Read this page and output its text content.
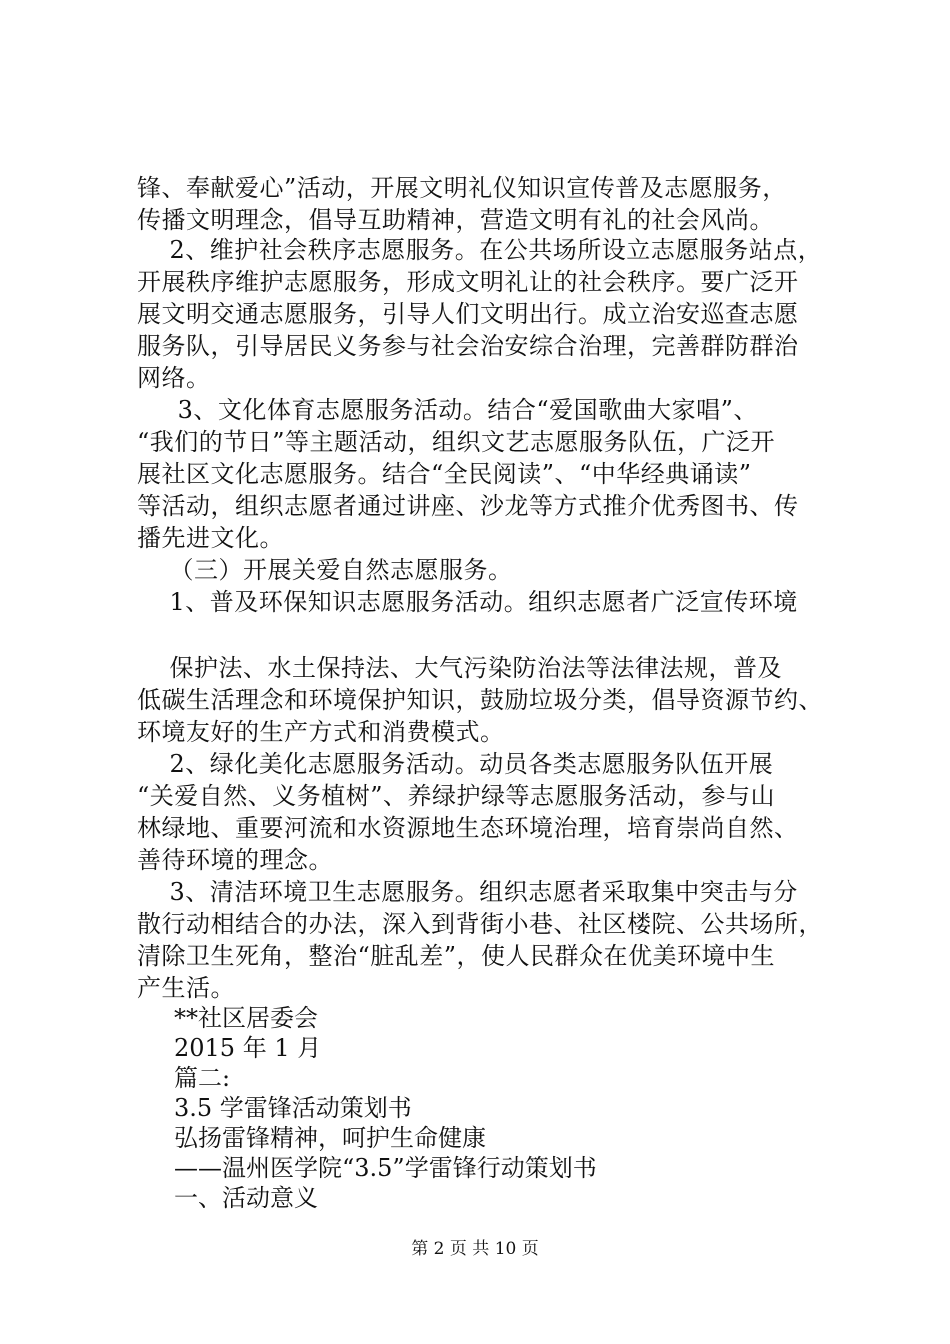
锋、奉献爱心”活动，开展文明礼仪知识宣传普及志愿服务，
传播文明理念，倡导互助精神，营造文明有礼的社会风尚。
2、维护社会秩序志愿服务。在公共场所设立志愿服务站点，
开展秩序维护志愿服务，形成文明礼让的社会秩序。要广泛开
展文明交通志愿服务，引导人们文明出行。成立治安巡查志愿
服务队，引导居民义务参与社会治安综合治理，完善群防群治
网络。
3、文化体育志愿服务活动。结合“爱国歌曲大家唱”、
“我们的节日”等主题活动，组织文艺志愿服务队伍，广泛开
展社区文化志愿服务。结合“全民阅读”、“中华经典诵读”
等活动，组织志愿者通过讲座、沙龙等方式推介优秀图书、传
播先进文化。
（三）开展关爱自然志愿服务。
1、普及环保知识志愿服务活动。组织志愿者广泛宣传环境
保护法、水土保持法、大气污染防治法等法律法规，普及
低碳生活理念和环境保护知识，鼓励垃圾分类，倡导资源节约、
环境友好的生产方式和消费模式。
2、绿化美化志愿服务活动。动员各类志愿服务队伍开展
“关爱自然、义务植树”、养绿护绿等志愿服务活动，参与山
林绿地、重要河流和水资源地生态环境治理，培育崇尚自然、
善待环境的理念。
3、清洁环境卫生志愿服务。组织志愿者采取集中突击与分
散行动相结合的办法，深入到背街小巷、社区楼院、公共场所，
清除卫生死角，整治“脏乱差”，使人民群众在优美环境中生
产生活。
**社区居委会
2015 年 1 月
篇二:
3.5 学雷锋活动策划书
弘扬雷锋精神，呵护生命健康
——温州医学院“3.5”学雷锋行动策划书
一、活动意义
第 2 页 共 10 页
